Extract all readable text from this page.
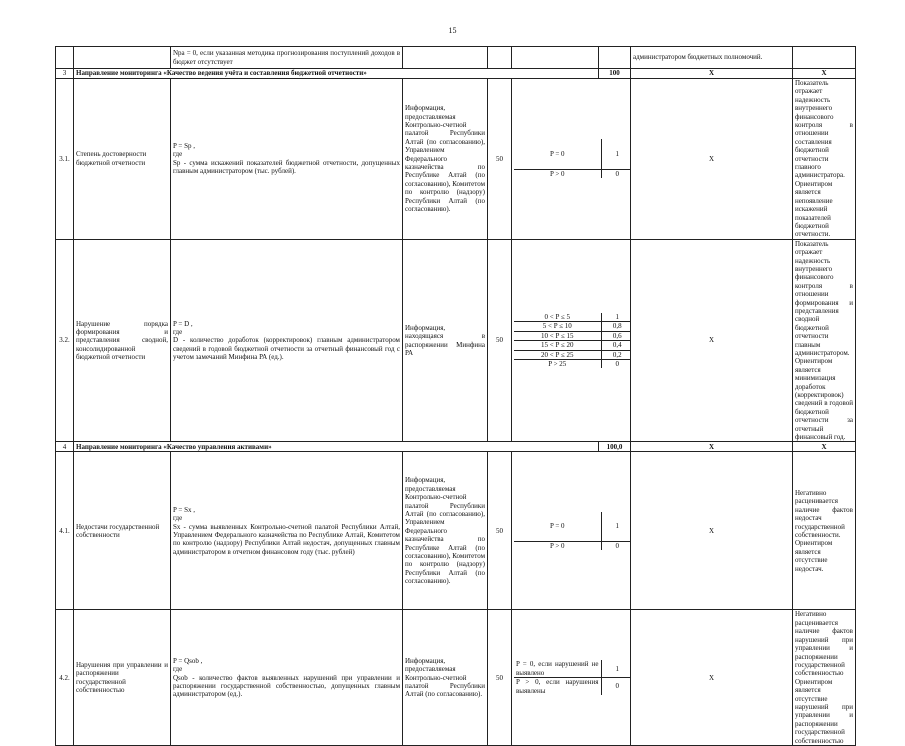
15
		Npa = 0, если указанная методика прогнозирования поступлений доходов в бюджет отсутствует					администратором бюджетных полномочий.	
3	Направление мониторинга «Качество ведения учёта и составления бюджетной отчетности»	100	Х	Х
3.1.	Степень достоверности бюджетной отчетности	P = Sp ,
где
Sp - сумма искажений показателей бюджетной отчетности, допущенных главным администратором (тыс. рублей).	Информация, предоставляемая Контрольно-счетной палатой Республики Алтай (по согласованию), Управлением Федерального казначейства по Республике Алтай (по согласованию), Комитетом по контролю (надзору) Республики Алтай (по согласованию).	50	
P = 0	1
P > 0	0
	Х	Показатель отражает надежность внутреннего финансового контроля в отношении составления бюджетной отчетности главного администратора. Ориентиром является непоявление искажений показателей бюджетной отчетности.	
3.2.	Нарушение порядка формирования и представления сводной, консолидированной бюджетной отчетности	P = D ,
где
D - количество доработок (корректировок) главным администратором сведений в годовой бюджетной отчетности за отчетный финансовый год с учетом замечаний Минфина РА (ед.).	Информация, находящаяся в распоряжении Минфина РА	50	
0 < P ≤ 5	1
5 < P ≤ 10	0,8
10 < P ≤ 15	0,6
15 < P ≤ 20	0,4
20 < P ≤ 25	0,2
P > 25	0
	Х	Показатель отражает надежность внутреннего финансового контроля в отношении формирования и представления сводной бюджетной отчетности главным администратором. Ориентиром является минимизация доработок (корректировок) сведений в годовой бюджетной отчетности за отчетный финансовый год.	
4	Направление мониторинга «Качество управления активами»	100,0	Х	Х
4.1.	Недостачи государственной собственности	P = Sx ,
где
Sx - сумма выявленных Контрольно-счетной палатой Республики Алтай, Управлением Федерального казначейства по Республике Алтай, Комитетом по контролю (надзору) Республики Алтай недостач, допущенных главным администратором в отчетном финансовом году (тыс. рублей)	Информация, предоставляемая Контрольно-счетной палатой Республики Алтай (по согласованию), Управлением Федерального казначейства по Республике Алтай (по согласованию), Комитетом по контролю (надзору) Республики Алтай (по согласованию).	50	
P = 0	1
P > 0	0
	Х	Негативно расценивается наличие фактов недостач государственной собственности.
Ориентиром является отсутствие недостач.	
4.2.	Нарушения при управлении и распоряжении государственной собственностью	P = Qsob ,
где
Qsob - количество фактов выявленных нарушений при управлении и распоряжении государственной собственностью, допущенных главным администратором (ед.).	Информация, предоставляемая Контрольно-счетной палатой Республики Алтай (по согласованию).	50	
P = 0, если нарушений не выявлено	1
P > 0, если нарушения выявлены	0
	Х	Негативно расценивается наличие фактов нарушений при управлении и распоряжении государственной собственностью
Ориентиром является отсутствие нарушений при управлении и распоряжении государственной собственностью	
